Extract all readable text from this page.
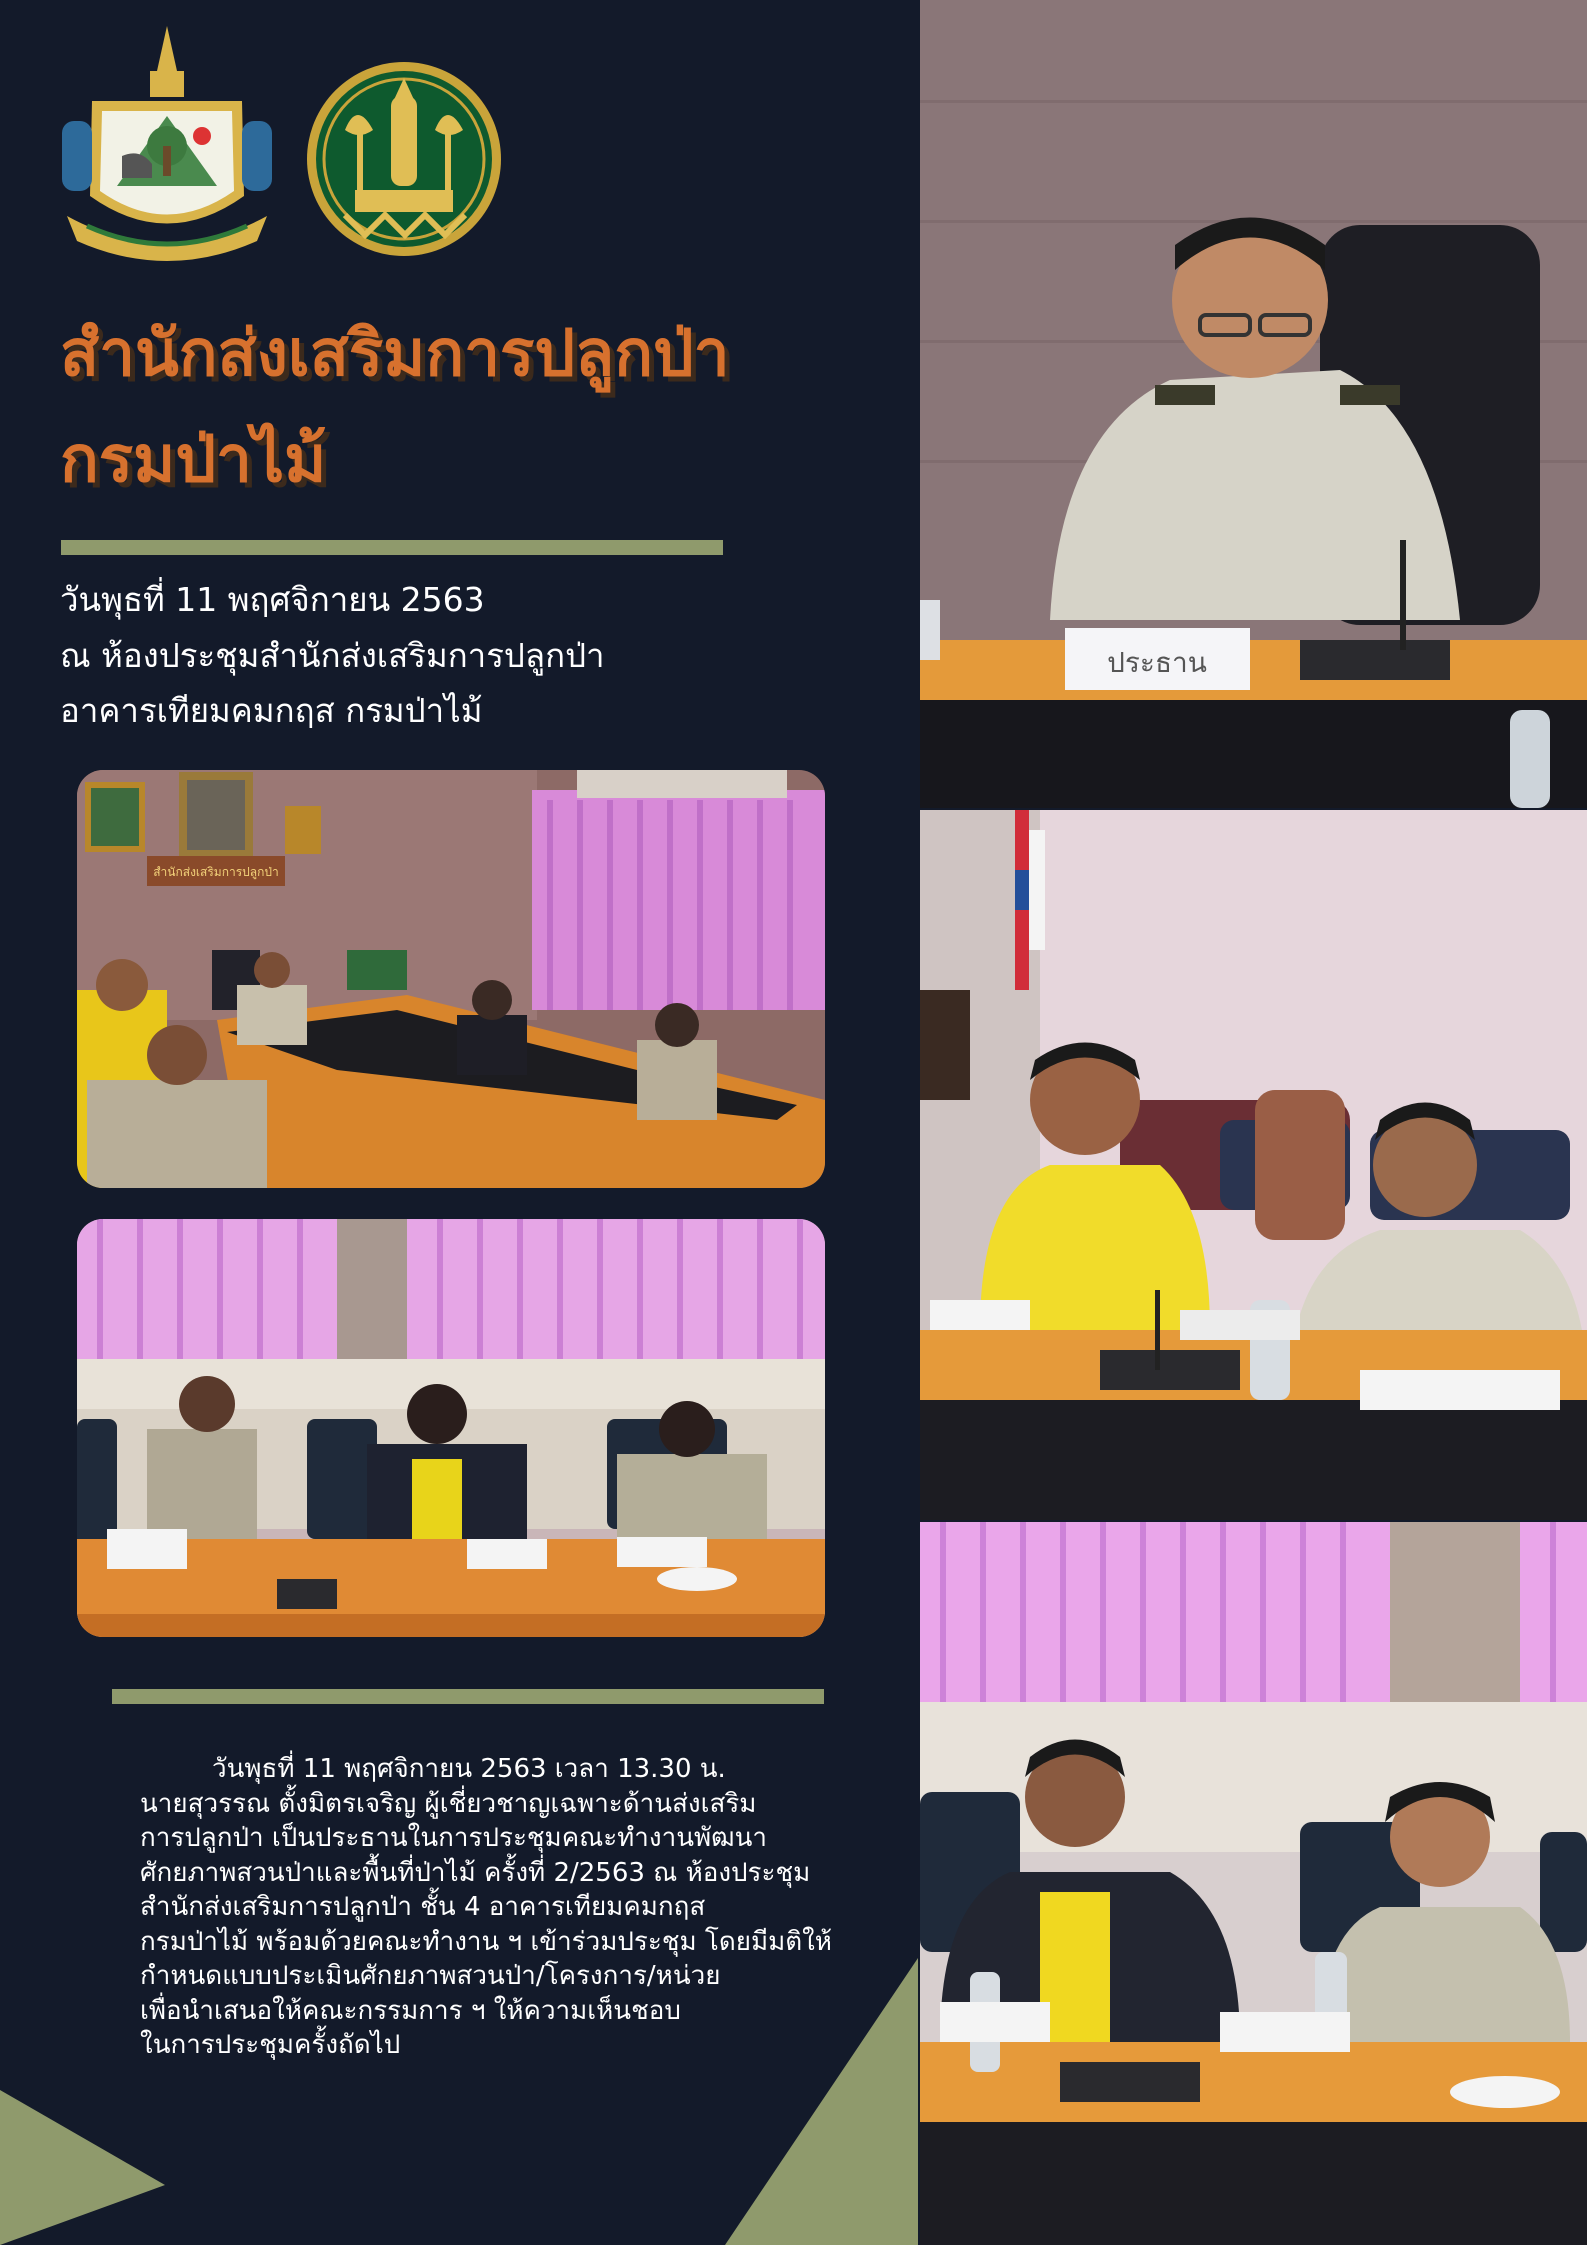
สำนักส่งเสริมการปลูกป่า
กรมป่าไม้
วันพุธที่ 11 พฤศจิกายน 2563
ณ ห้องประชุมสำนักส่งเสริมการปลูกป่า
อาคารเทียมคมกฤส กรมป่าไม้
สำนักส่งเสริมการปลูกป่า
วันพุธที่ 11 พฤศจิกายน 2563 เวลา 13.30 น.
นายสุวรรณ ตั้งมิตรเจริญ ผู้เชี่ยวชาญเฉพาะด้านส่งเสริม
การปลูกป่า เป็นประธานในการประชุมคณะทำงานพัฒนา
ศักยภาพสวนป่าและพื้นที่ป่าไม้ ครั้งที่ 2/2563 ณ ห้องประชุม
สำนักส่งเสริมการปลูกป่า ชั้น 4 อาคารเทียมคมกฤส
กรมป่าไม้ พร้อมด้วยคณะทำงาน ฯ เข้าร่วมประชุม โดยมีมติให้
กำหนดแบบประเมินศักยภาพสวนป่า/โครงการ/หน่วย
เพื่อนำเสนอให้คณะกรรมการ ฯ ให้ความเห็นชอบ
ในการประชุมครั้งถัดไป
ประธาน
